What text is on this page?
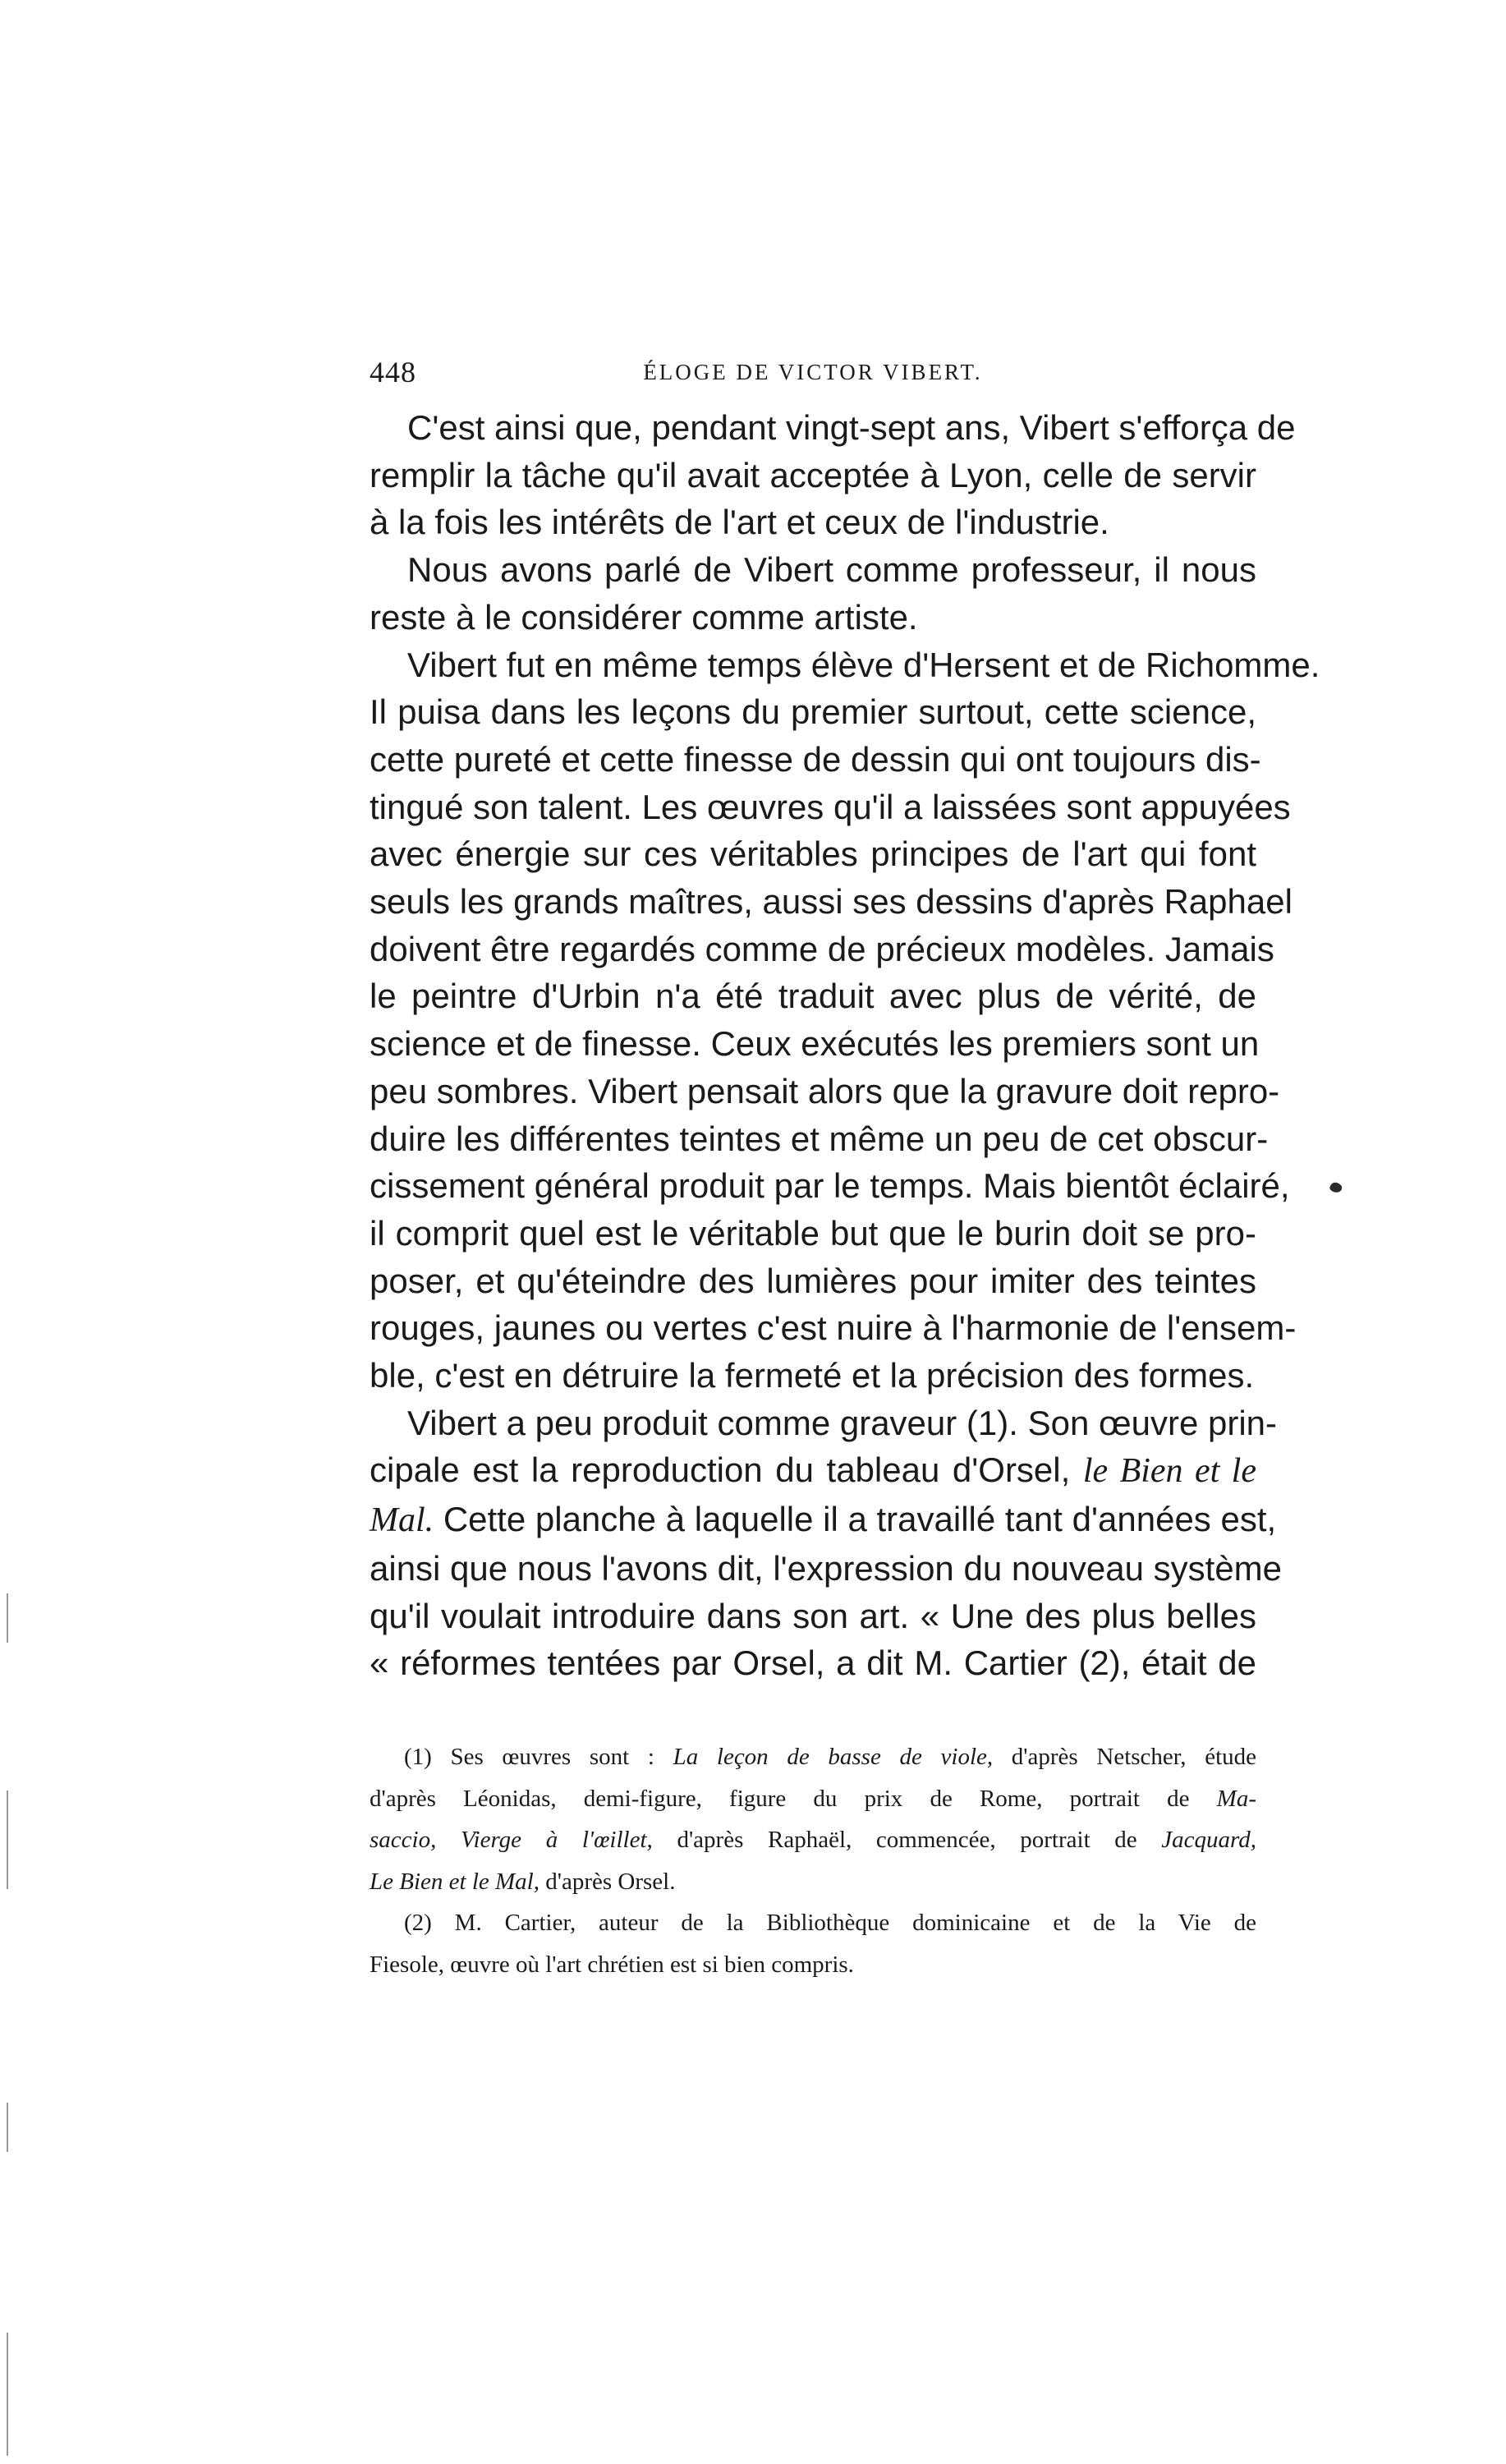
448	ÉLOGE DE VICTOR VIBERT.
C'est ainsi que, pendant vingt-sept ans, Vibert s'efforça de
remplir la tâche qu'il avait acceptée à Lyon, celle de servir
à la fois les intérêts de l'art et ceux de l'industrie.
Nous avons parlé de Vibert comme professeur, il nous
reste à le considérer comme artiste.
Vibert fut en même temps élève d'Hersent et de Richomme.
Il puisa dans les leçons du premier surtout, cette science,
cette pureté et cette finesse de dessin qui ont toujours dis-
tingué son talent. Les œuvres qu'il a laissées sont appuyées
avec énergie sur ces véritables principes de l'art qui font
seuls les grands maîtres, aussi ses dessins d'après Raphael
doivent être regardés comme de précieux modèles. Jamais
le peintre d'Urbin n'a été traduit avec plus de vérité, de
science et de finesse. Ceux exécutés les premiers sont un
peu sombres. Vibert pensait alors que la gravure doit repro-
duire les différentes teintes et même un peu de cet obscur-
cissement général produit par le temps. Mais bientôt éclairé,
il comprit quel est le véritable but que le burin doit se pro-
poser, et qu'éteindre des lumières pour imiter des teintes
rouges, jaunes ou vertes c'est nuire à l'harmonie de l'ensem-
ble, c'est en détruire la fermeté et la précision des formes.
Vibert a peu produit comme graveur (1). Son œuvre prin-
cipale est la reproduction du tableau d'Orsel, le Bien et le
Mal. Cette planche à laquelle il a travaillé tant d'années est,
ainsi que nous l'avons dit, l'expression du nouveau système
qu'il voulait introduire dans son art. « Une des plus belles
« réformes tentées par Orsel, a dit M. Cartier (2), était de
(1) Ses œuvres sont : La leçon de basse de viole, d'après Netscher, étude
d'après Léonidas, demi-figure, figure du prix de Rome, portrait de Ma-
saccio, Vierge à l'œillet, d'après Raphaël, commencée, portrait de Jacquard,
Le Bien et le Mal, d'après Orsel.
(2) M. Cartier, auteur de la Bibliothèque dominicaine et de la Vie de
Fiesole, œuvre où l'art chrétien est si bien compris.
